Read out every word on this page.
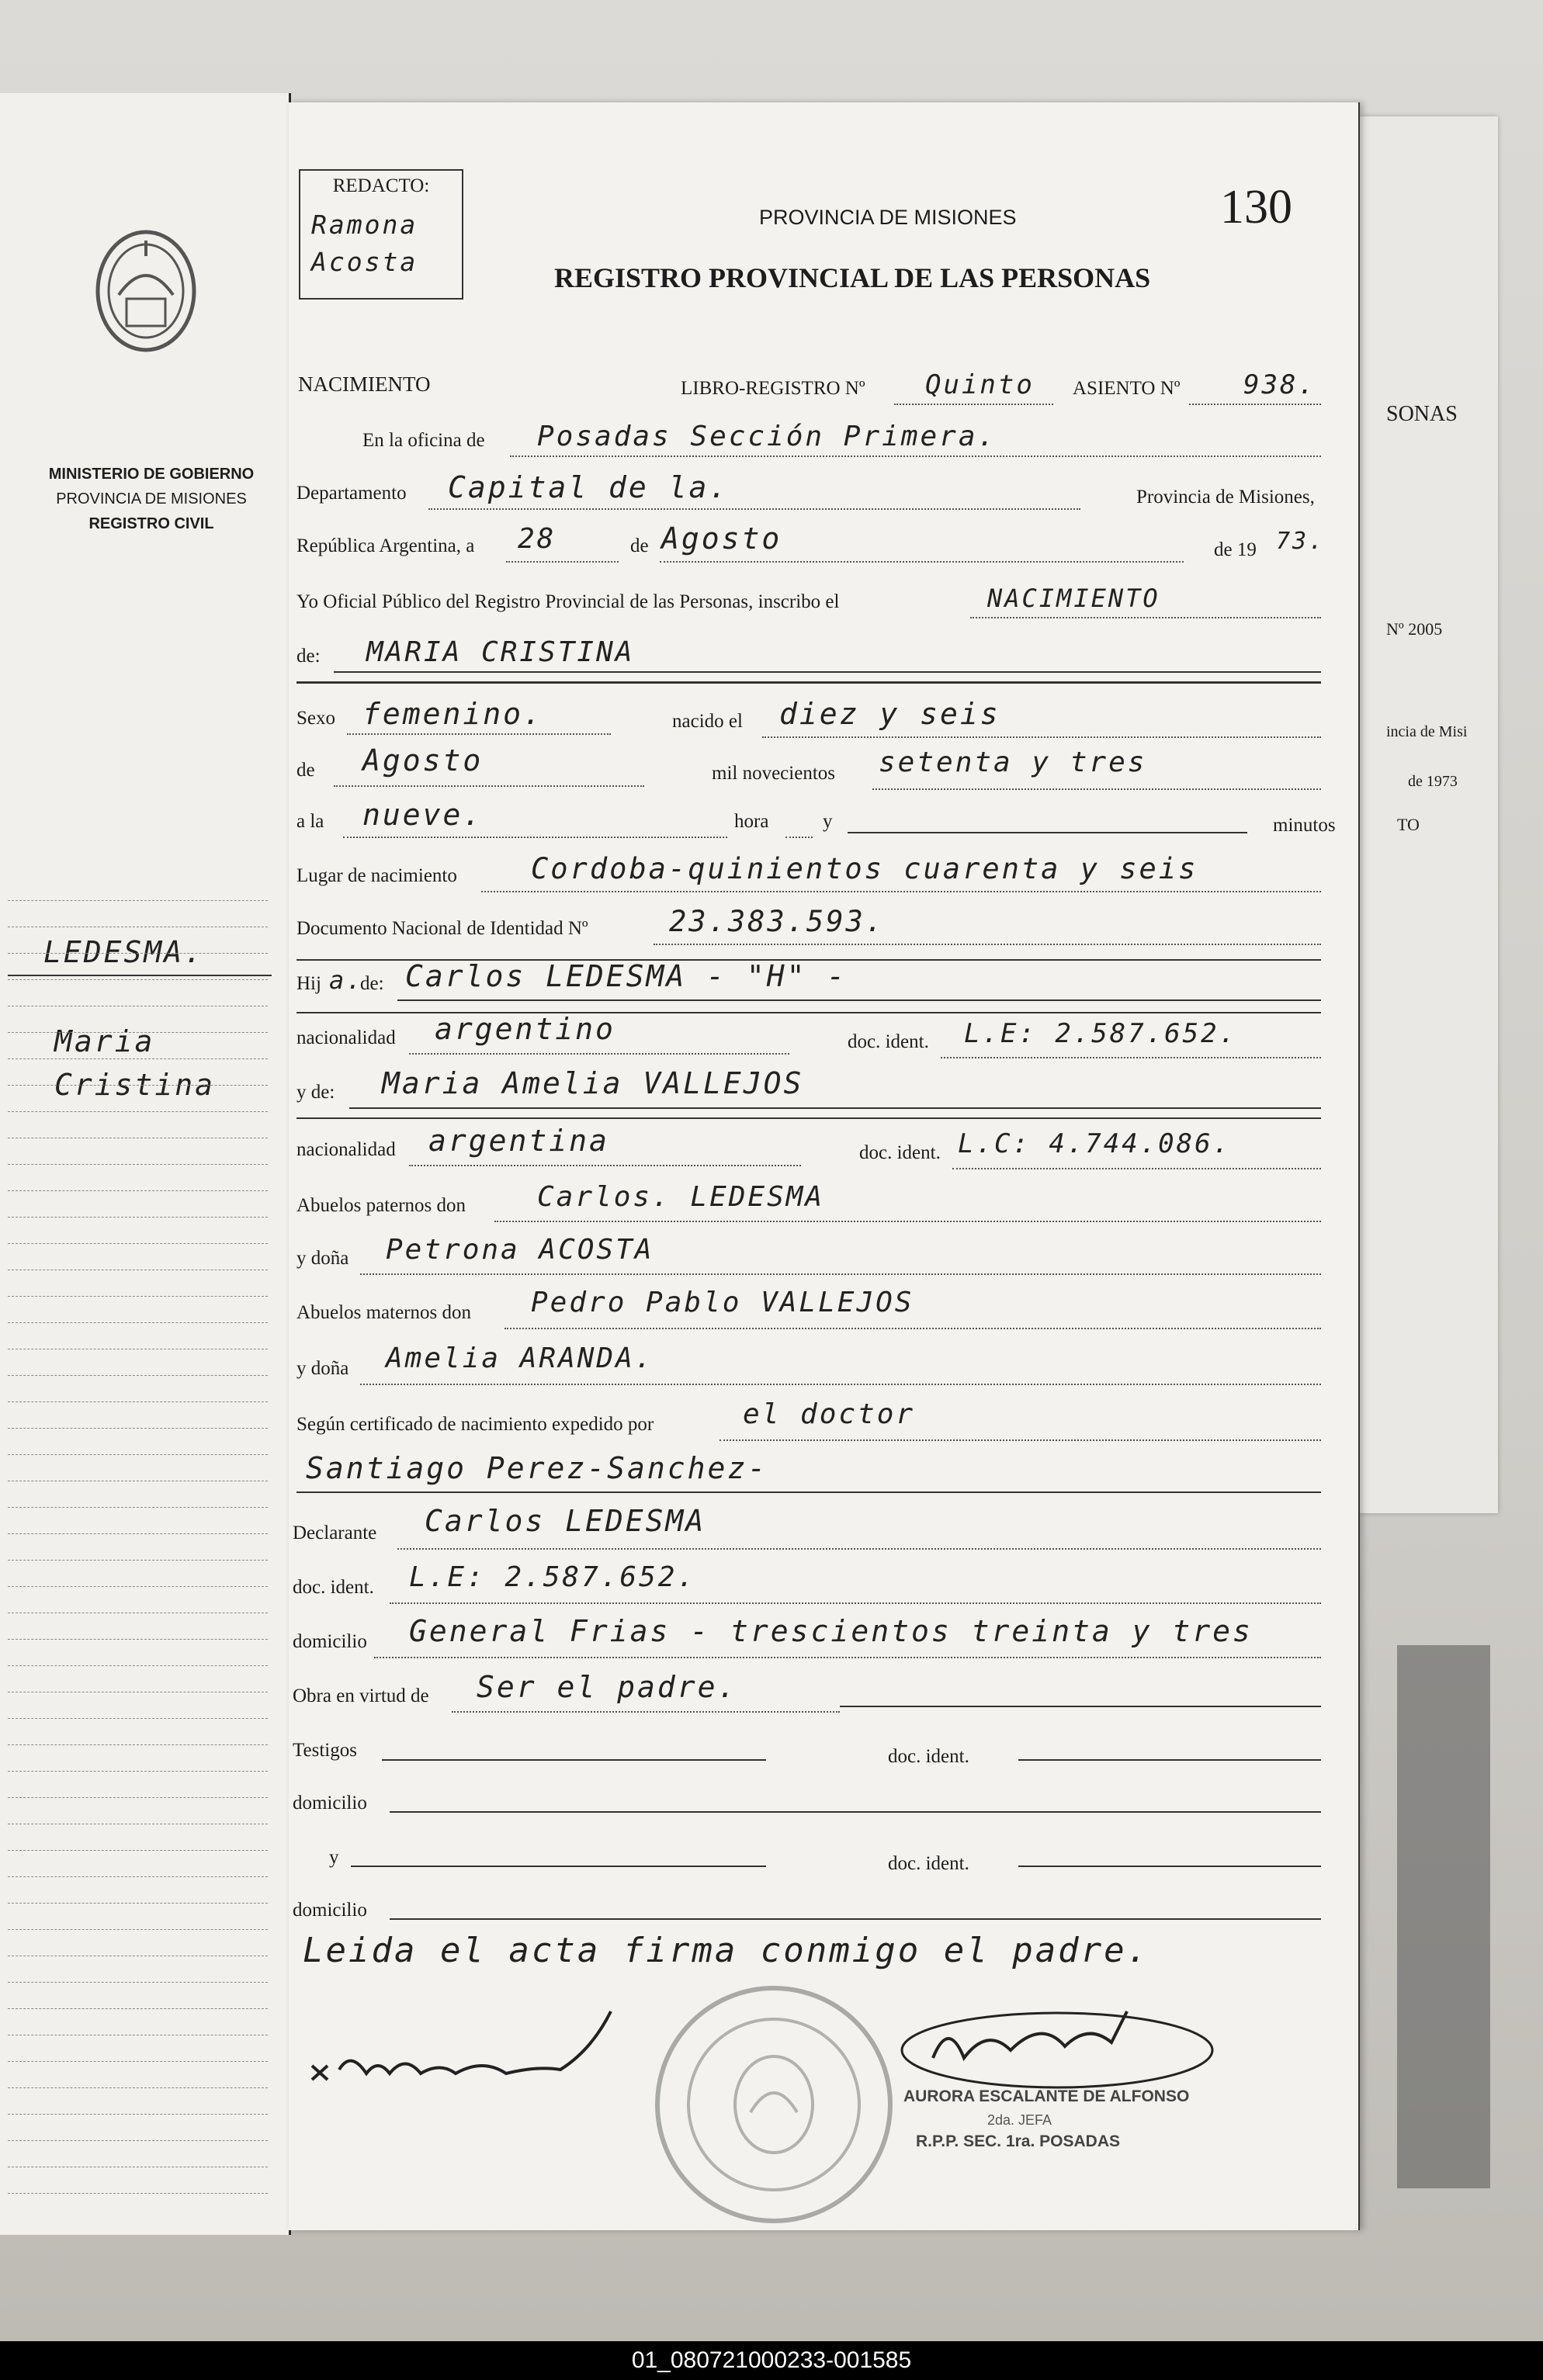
SONAS
Nº 2005
incia de Misi
de 1973
TO
MINISTERIO DE GOBIERNO
PROVINCIA DE MISIONES
REGISTRO CIVIL
LEDESMA.
Maria
Cristina
REDACTO:
Ramona Acosta
PROVINCIA DE MISIONES
REGISTRO PROVINCIAL DE LAS PERSONAS
130
NACIMIENTO	LIBRO-REGISTRO Nº Quinto ASIENTO Nº 938.
En la oficina de Posadas Sección Primera.
Departamento Capital de la.	Provincia de Misiones,
República Argentina, a 28	de Agosto	de 19 73.
Yo Oficial Público del Registro Provincial de las Personas, inscribo el	NACIMIENTO
de: MARIA CRISTINA
Sexo femenino.	nacido el diez y seis
de Agosto	mil novecientos setenta y tres
a la nueve.	hora	y	minutos
Lugar de nacimiento	Cordoba-quinientos cuarenta y seis
Documento Nacional de Identidad Nº	23.383.593.
Hij a.
de: Carlos LEDESMA - "H" -
nacionalidad argentino	doc. ident. L.E: 2.587.652.
y de: Maria Amelia VALLEJOS
nacionalidad argentina	doc. ident. L.C: 4.744.086.
Abuelos paternos don	Carlos. LEDESMA
y doña Petrona ACOSTA
Abuelos maternos don Pedro Pablo VALLEJOS
y doña Amelia ARANDA.
Según certificado de nacimiento expedido por	el doctor
Santiago Perez-Sanchez-
Declarante Carlos LEDESMA
doc. ident. L.E: 2.587.652.
domicilio General Frias - trescientos treinta y tres
Obra en virtud de Ser el padre.
Testigos	doc. ident.
domicilio
y	doc. ident.
domicilio
Leida el acta firma conmigo el padre.
AURORA ESCALANTE DE ALFONSO
2da. JEFA
R.P.P. SEC. 1ra. POSADAS
01_080721000233-001585
